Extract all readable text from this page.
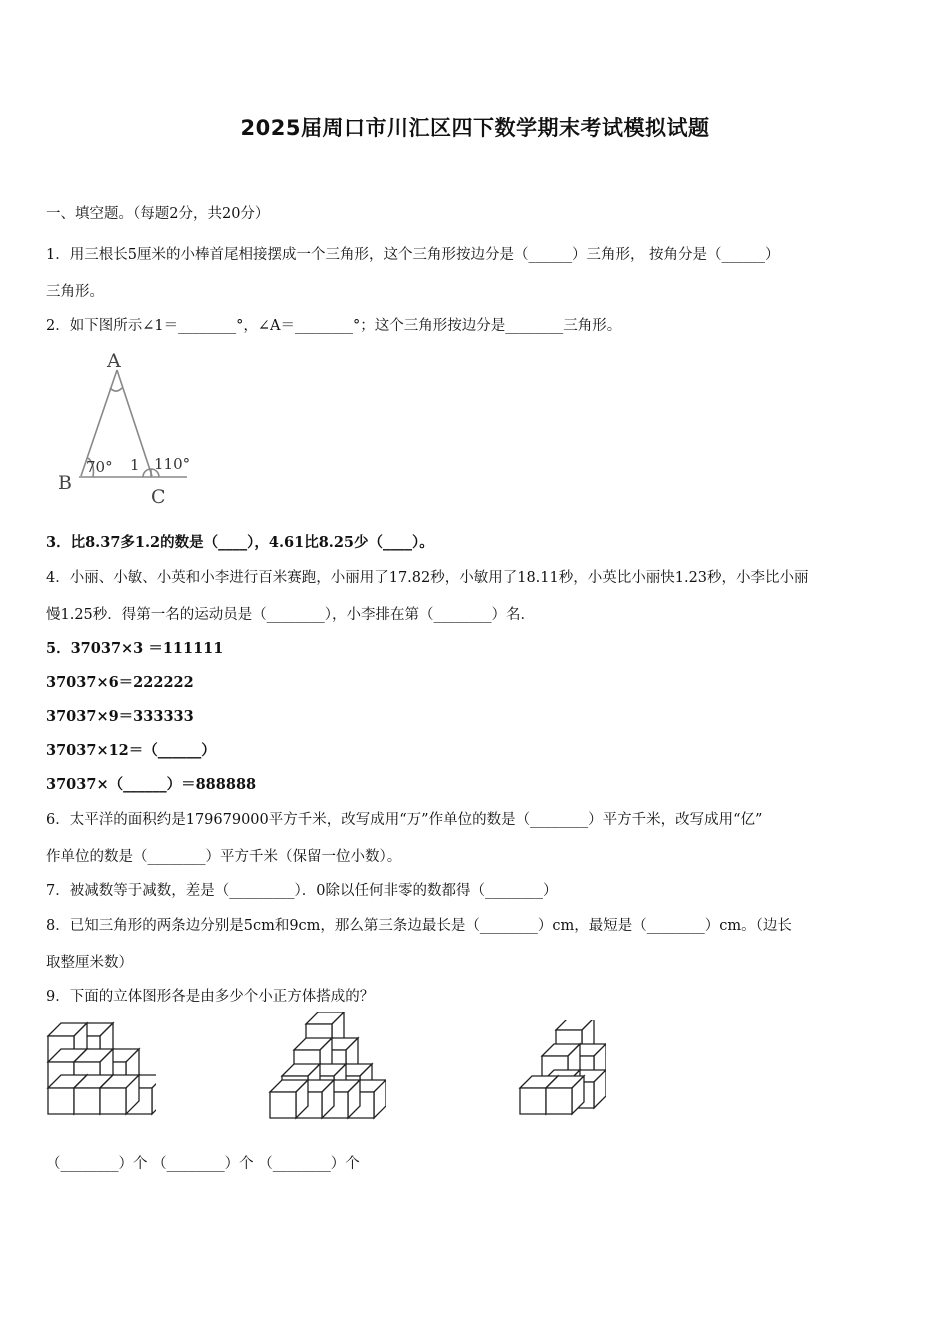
2025届周口市川汇区四下数学期末考试模拟试题
一、填空题。（每题2分，共20分）
1．用三根长5厘米的小棒首尾相接摆成一个三角形，这个三角形按边分是（______）三角形， 按角分是（______）
三角形。
2．如下图所示∠1＝________°，∠A＝________°；这个三角形按边分是________三角形。
A
B
C
70° 1 110°
3．比8.37多1.2的数是（____），4.61比8.25少（____）。
4．小丽、小敏、小英和小李进行百米赛跑，小丽用了17.82秒，小敏用了18.11秒，小英比小丽快1.23秒，小李比小丽
慢1.25秒．得第一名的运动员是（________），小李排在第（________）名．
5．37037×3 ＝111111
37037×6＝222222
37037×9＝333333
37037×12＝（______）
37037×（______）＝888888
6．太平洋的面积约是179679000平方千米，改写成用“万”作单位的数是（________）平方千米，改写成用“亿”
作单位的数是（________）平方千米（保留一位小数）。
7．被减数等于减数，差是（_________）．0除以任何非零的数都得（________）
8．已知三角形的两条边分别是5cm和9cm，那么第三条边最长是（________）cm，最短是（________）cm。（边长
取整厘米数）
9．下面的立体图形各是由多少个小正方体搭成的？
（________）个 （________）个 （________）个
